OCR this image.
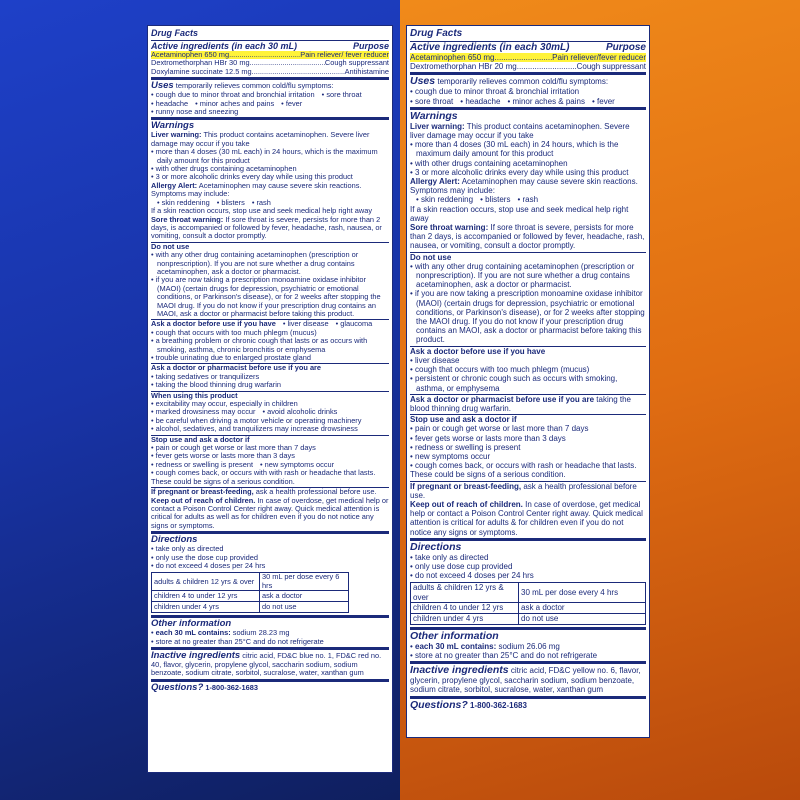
Drug Facts
Active ingredients (in each 30 mL)	Purpose
Acetaminophen 650 mg .....	Pain reliever/ fever reducer
Dextromethorphan HBr 30 mg .....	Cough suppressant
Doxylamine succinate 12.5 mg .....	Antihistamine

Uses temporarily relieves common cold/flu symptoms:

• cough due to minor throat and bronchial irritation	• sore throat
• headache	• minor aches and pains	• fever
• runny nose and sneezing
Warnings

Liver warning: This product contains acetaminophen. Severe liver damage may occur if you take

• more than 4 doses (30 mL each) in 24 hours, which is the maximum daily amount for this product

• with other drugs containing acetaminophen

• 3 or more alcoholic drinks every day while using this product

Allergy Alert: Acetaminophen may cause severe skin reactions. Symptoms may include:

• skin reddening	• blisters	• rash

If a skin reaction occurs, stop use and seek medical help right away

Sore throat warning: If sore throat is severe, persists for more than 2 days, is accompanied or followed by fever, headache, rash, nausea, or vomiting, consult a doctor promptly.

Do not use

• with any other drug containing acetaminophen (prescription or nonprescription). If you are not sure whether a drug contains acetaminophen, ask a doctor or pharmacist.

• if you are now taking a prescription monoamine oxidase inhibitor (MAOI) (certain drugs for depression, psychiatric or emotional conditions, or Parkinson's disease), or for 2 weeks after stopping the MAOI drug. If you do not know if your prescription drug contains an MAOI, ask a doctor or pharmacist before taking this product.

Ask a doctor before use if you have	• liver disease	• glaucoma

• cough that occurs with too much phlegm (mucus)

• a breathing problem or chronic cough that lasts or as occurs with smoking, asthma, chronic bronchitis or emphysema

• trouble urinating due to enlarged prostate gland

Ask a doctor or pharmacist before use if you are

• taking sedatives or tranquilizers
• taking the blood thinning drug warfarin
When using this product
• excitability may occur, especially in children
• marked drowsiness may occur	• avoid alcoholic drinks

• be careful when driving a motor vehicle or operating machinery

• alcohol, sedatives, and tranquilizers may increase drowsiness

Stop use and ask a doctor if

• pain or cough get worse or last more than 7 days

• fever gets worse or lasts more than 3 days

• redness or swelling is present	• new symptoms occur

• cough comes back, or occurs with with rash or headache that lasts.

These could be signs of a serious condition.

If pregnant or breast-feeding, ask a health professional before use. Keep out of reach of children. In case of overdose, get medical help or contact a Poison Control Center right away. Quick medical attention is critical for adults as well as for children even if you do not notice any signs or symptoms.

Directions

• take only as directed

• only use the dose cup provided

• do not exceed 4 doses per 24 hrs

adults & children 12 yrs & over	30 mL per dose every 6 hrs
children 4 to under 12 yrs	ask a doctor
children under 4 yrs	do not use
Other information

• each 30 mL contains: sodium 28.23 mg

• store at no greater than 25°C and do not refrigerate

Inactive ingredients citric acid, FD&C blue no. 1, FD&C red no. 40, flavor, glycerin, propylene glycol, saccharin sodium, sodium benzoate, sodium citrate, sorbitol, sucralose, water, xanthan gum

Questions? 1-800-362-1683

Drug Facts
Active ingredients (in each 30mL)	Purpose
Acetaminophen 650 mg .....	Pain reliever/fever reducer
Dextromethorphan HBr 20 mg .....	Cough suppressant

Uses temporarily relieves common cold/flu symptoms:

• cough due to minor throat & bronchial irritation

• sore throat	• headache	• minor aches & pains	• fever
Warnings

Liver warning: This product contains acetaminophen. Severe liver damage may occur if you take

• more than 4 doses (30 mL each) in 24 hours, which is the maximum daily amount for this product

• with other drugs containing acetaminophen

• 3 or more alcoholic drinks every day while using this product

Allergy Alert: Acetaminophen may cause severe skin reactions. Symptoms may include:

• skin reddening	• blisters	• rash

If a skin reaction occurs, stop use and seek medical help right away

Sore throat warning: If sore throat is severe, persists for more than 2 days, is accompanied or followed by fever, headache, rash, nausea, or vomiting, consult a doctor promptly.

Do not use

• with any other drug containing acetaminophen (prescription or nonprescription). If you are not sure whether a drug contains acetaminophen, ask a doctor or pharmacist.

• if you are now taking a prescription monoamine oxidase inhibitor (MAOI) (certain drugs for depression, psychiatric or emotional conditions, or Parkinson's disease), or for 2 weeks after stopping the MAOI drug. If you do not know if your prescription drug contains an MAOI, ask a doctor or pharmacist before taking this product.

Ask a doctor before use if you have

• liver disease

• cough that occurs with too much phlegm (mucus)

• persistent or chronic cough such as occurs with smoking, asthma, or emphysema

Ask a doctor or pharmacist before use if you are taking the blood thinning drug warfarin.

Stop use and ask a doctor if

• pain or cough get worse or last more than 7 days

• fever gets worse or lasts more than 3 days

• redness or swelling is present

• new symptoms occur

• cough comes back, or occurs with rash or headache that lasts.

These could be signs of a serious condition.

If pregnant or breast-feeding, ask a health professional before use.

Keep out of reach of children. In case of overdose, get medical help or contact a Poison Control Center right away. Quick medical attention is critical for adults & for children even if you do not notice any signs or symptoms.

Directions

• take only as directed

• only use dose cup provided

• do not exceed 4 doses per 24 hrs

adults & children 12 yrs & over	30 mL per dose every 4 hrs
children 4 to under 12 yrs	ask a doctor
children under 4 yrs	do not use
Other information

• each 30 mL contains: sodium 26.06 mg

• store at no greater than 25°C and do not refrigerate

Inactive ingredients citric acid, FD&C yellow no. 6, flavor, glycerin, propylene glycol, saccharin sodium, sodium benzoate, sodium citrate, sorbitol, sucralose, water, xanthan gum

Questions? 1-800-362-1683
